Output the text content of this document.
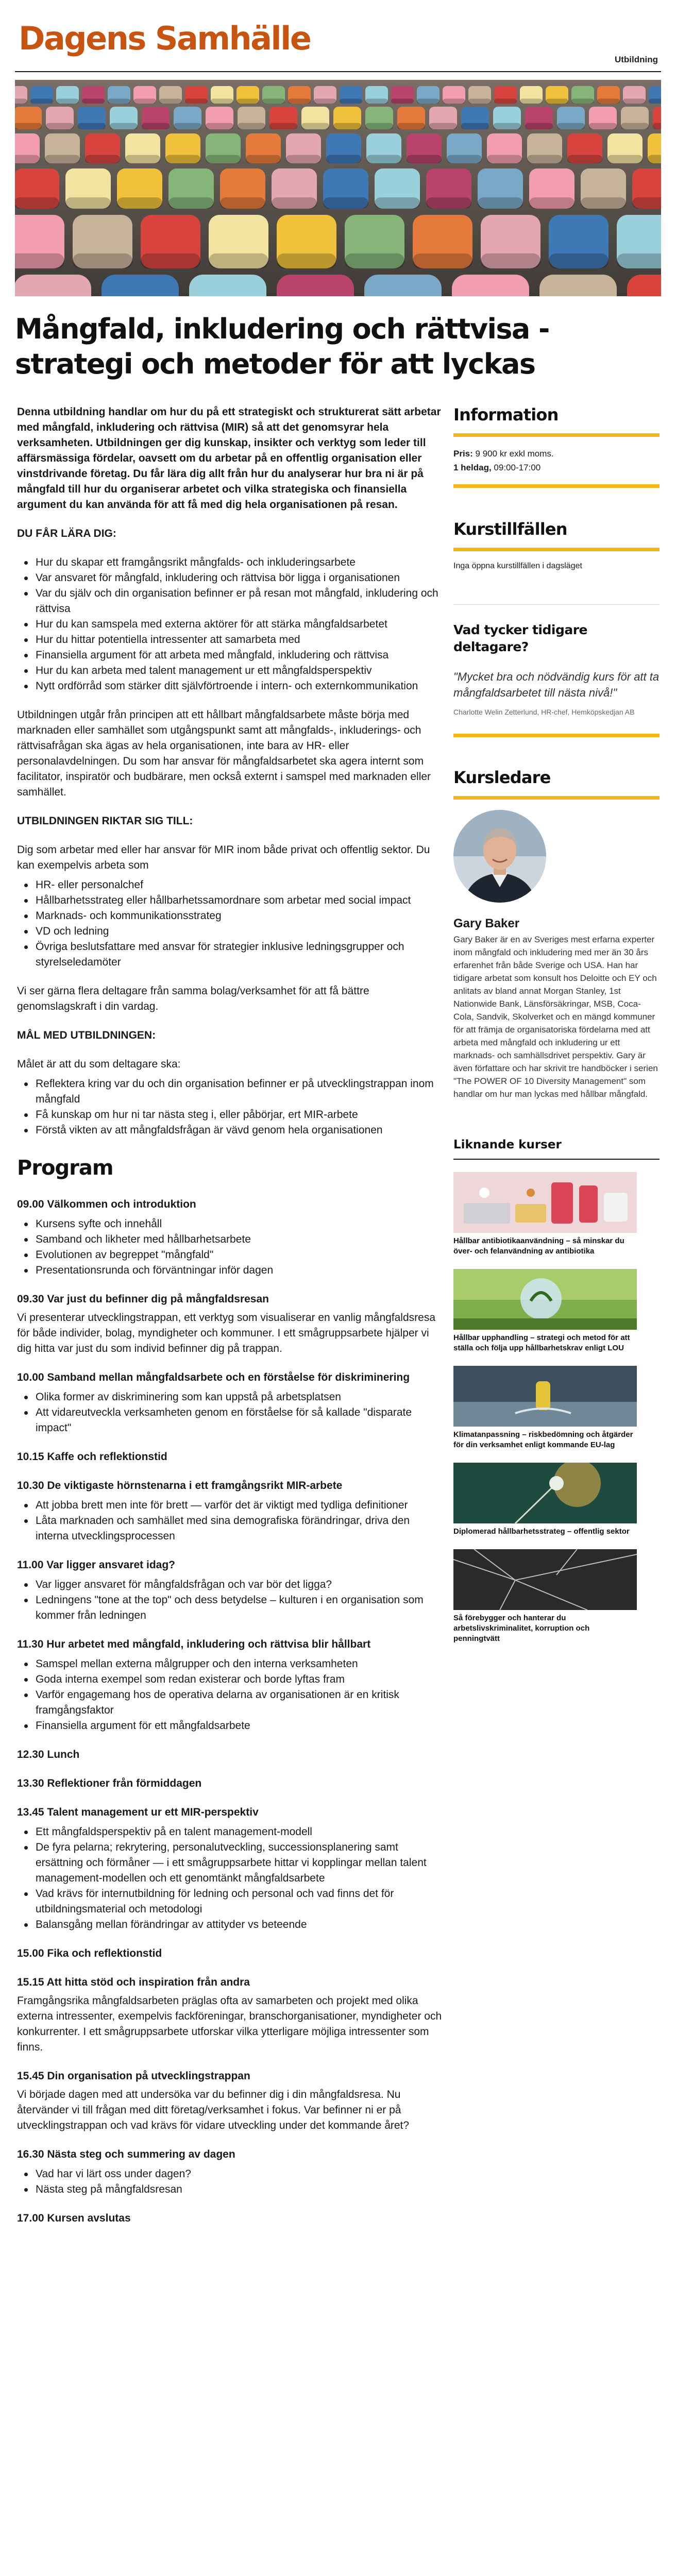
Dagens Samhälle
Utbildning
Mångfald, inkludering och rättvisa - strategi och metoder för att lyckas

Denna utbildning handlar om hur du på ett strategiskt och strukturerat sätt arbetar med mångfald, inkludering och rättvisa (MIR) så att det genomsyrar hela verksamheten. Utbildningen ger dig kunskap, insikter och verktyg som leder till affärsmässiga fördelar, oavsett om du arbetar på en offentlig organisation eller vinstdrivande företag. Du får lära dig allt från hur du analyserar hur bra ni är på mångfald till hur du organiserar arbetet och vilka strategiska och finansiella argument du kan använda för att få med dig hela organisationen på resan.

DU FÅR LÄRA DIG:

Hur du skapar ett framgångsrikt mångfalds- och inkluderingsarbete
Var ansvaret för mångfald, inkludering och rättvisa bör ligga i organisationen
Var du själv och din organisation befinner er på resan mot mångfald, inkludering och rättvisa
Hur du kan samspela med externa aktörer för att stärka mångfaldsarbetet
Hur du hittar potentiella intressenter att samarbeta med
Finansiella argument för att arbeta med mångfald, inkludering och rättvisa
Hur du kan arbeta med talent management ur ett mångfaldsperspektiv
Nytt ordförråd som stärker ditt självförtroende i intern- och externkommunikation

Utbildningen utgår från principen att ett hållbart mångfaldsarbete måste börja med marknaden eller samhället som utgångspunkt samt att mångfalds-, inkluderings- och rättvisafrågan ska ägas av hela organisationen, inte bara av HR- eller personalavdelningen. Du som har ansvar för mångfaldsarbetet ska agera internt som facilitator, inspiratör och budbärare, men också externt i samspel med marknaden eller samhället.

UTBILDNINGEN RIKTAR SIG TILL:

Dig som arbetar med eller har ansvar för MIR inom både privat och offentlig sektor. Du kan exempelvis arbeta som

HR- eller personalchef
Hållbarhetsstrateg eller hållbarhetssamordnare som arbetar med social impact
Marknads- och kommunikationsstrateg
VD och ledning
Övriga beslutsfattare med ansvar för strategier inklusive ledningsgrupper och styrelseledamöter

Vi ser gärna flera deltagare från samma bolag/verksamhet för att få bättre genomslagskraft i din vardag.

MÅL MED UTBILDNINGEN:

Målet är att du som deltagare ska:

Reflektera kring var du och din organisation befinner er på utvecklingstrappan inom mångfald
Få kunskap om hur ni tar nästa steg i, eller påbörjar, ert MIR-arbete
Förstå vikten av att mångfaldsfrågan är vävd genom hela organisationen
Program
09.00 Välkommen och introduktion
Kursens syfte och innehåll
Samband och likheter med hållbarhetsarbete
Evolutionen av begreppet "mångfald"
Presentationsrunda och förväntningar inför dagen
09.30 Var just du befinner dig på mångfaldsresan

Vi presenterar utvecklingstrappan, ett verktyg som visualiserar en vanlig mångfaldsresa för både individer, bolag, myndigheter och kommuner. I ett smågruppsarbete hjälper vi dig hitta var just du som individ befinner dig på trappan.

10.00 Samband mellan mångfaldsarbete och en förståelse för diskriminering
Olika former av diskriminering som kan uppstå på arbetsplatsen
Att vidareutveckla verksamheten genom en förståelse för så kallade "disparate impact"
10.15 Kaffe och reflektionstid
10.30 De viktigaste hörnstenarna i ett framgångsrikt MIR-arbete
Att jobba brett men inte för brett — varför det är viktigt med tydliga definitioner
Låta marknaden och samhället med sina demografiska förändringar, driva den interna utvecklingsprocessen
11.00 Var ligger ansvaret idag?
Var ligger ansvaret för mångfaldsfrågan och var bör det ligga?
Ledningens "tone at the top" och dess betydelse – kulturen i en organisation som kommer från ledningen
11.30 Hur arbetet med mångfald, inkludering och rättvisa blir hållbart
Samspel mellan externa målgrupper och den interna verksamheten
Goda interna exempel som redan existerar och borde lyftas fram
Varför engagemang hos de operativa delarna av organisationen är en kritisk framgångsfaktor
Finansiella argument för ett mångfaldsarbete
12.30 Lunch
13.30 Reflektioner från förmiddagen
13.45 Talent management ur ett MIR-perspektiv
Ett mångfaldsperspektiv på en talent management-modell
De fyra pelarna; rekrytering, personalutveckling, successionsplanering samt ersättning och förmåner — i ett smågruppsarbete hittar vi kopplingar mellan talent management-modellen och ett genomtänkt mångfaldsarbete
Vad krävs för internutbildning för ledning och personal och vad finns det för utbildningsmaterial och metodologi
Balansgång mellan förändringar av attityder vs beteende
15.00 Fika och reflektionstid
15.15 Att hitta stöd och inspiration från andra

Framgångsrika mångfaldsarbeten präglas ofta av samarbeten och projekt med olika externa intressenter, exempelvis fackföreningar, branschorganisationer, myndigheter och konkurrenter. I ett smågruppsarbete utforskar vilka ytterligare möjliga intressenter som finns.

15.45 Din organisation på utvecklingstrappan

Vi började dagen med att undersöka var du befinner dig i din mångfaldsresa. Nu återvänder vi till frågan med ditt företag/verksamhet i fokus. Var befinner ni er på utvecklingstrappan och vad krävs för vidare utveckling under det kommande året?

16.30 Nästa steg och summering av dagen
Vad har vi lärt oss under dagen?
Nästa steg på mångfaldsresan
17.00 Kursen avslutas
Information
Pris: 9 900 kr exkl moms.
1 heldag, 09:00-17:00
Kurstillfällen
Inga öppna kurstillfällen i dagsläget
Vad tycker tidigare deltagare?
"Mycket bra och nödvändig kurs för att ta mångfaldsarbetet till nästa nivå!"
Charlotte Welin Zetterlund, HR-chef, Hemköpskedjan AB
Kursledare
Gary Baker
Gary Baker är en av Sveriges mest erfarna experter inom mångfald och inkludering med mer än 30 års erfarenhet från både Sverige och USA. Han har tidigare arbetat som konsult hos Deloitte och EY och anlitats av bland annat Morgan Stanley, 1st Nationwide Bank, Länsförsäkringar, MSB, Coca-Cola, Sandvik, Skolverket och en mängd kommuner för att främja de organisatoriska fördelarna med att arbeta med mångfald och inkludering ur ett marknads- och samhällsdrivet perspektiv. Gary är även författare och har skrivit tre handböcker i serien "The POWER OF 10 Diversity Management" som handlar om hur man lyckas med hållbar mångfald.
Liknande kurser
Hållbar antibiotikaanvändning – så minskar du över- och felanvändning av antibiotika
Hållbar upphandling – strategi och metod för att ställa och följa upp hållbarhetskrav enligt LOU
Klimatanpassning – riskbedömning och åtgärder för din verksamhet enligt kommande EU-lag
Diplomerad hållbarhetsstrateg – offentlig sektor
Så förebygger och hanterar du arbetslivskriminalitet, korruption och penningtvätt
